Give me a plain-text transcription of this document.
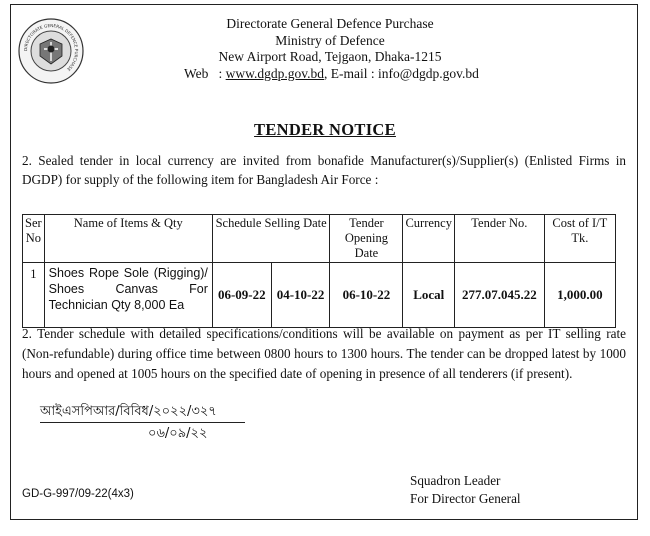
DIRECTORATE GENERAL DEFENCE PURCHASE
Directorate General Defence Purchase
Ministry of Defence
New Airport Road, Tejgaon, Dhaka-1215
Web : www.dgdp.gov.bd, E-mail : info@dgdp.gov.bd
TENDER NOTICE
2. Sealed tender in local currency are invited from bonafide Manufacturer(s)/Supplier(s) (Enlisted Firms in DGDP) for supply of the following item for Bangladesh Air Force :
Ser No	Name of Items & Qty	Schedule Selling Date		Tender Opening Date	Currency	Tender No.	Cost of I/T Tk.
1	Shoes Rope Sole (Rigging)/ Shoes Canvas For
Technician Qty 8,000 Ea	06-09-22	04-10-22	06-10-22	Local	277.07.045.22	1,000.00
2. Tender schedule with detailed specifications/conditions will be available on payment as per IT selling rate (Non-refundable) during office time between 0800 hours to 1300 hours. The tender can be dropped latest by 1000 hours and opened at 1005 hours on the specified date of opening in presence of all tenderers (if present).
আইএসপিআর/বিবিধ/২০২২/৩২৭
০৬/০৯/২২
GD-G-997/09-22(4x3)
Squadron Leader
For Director General
